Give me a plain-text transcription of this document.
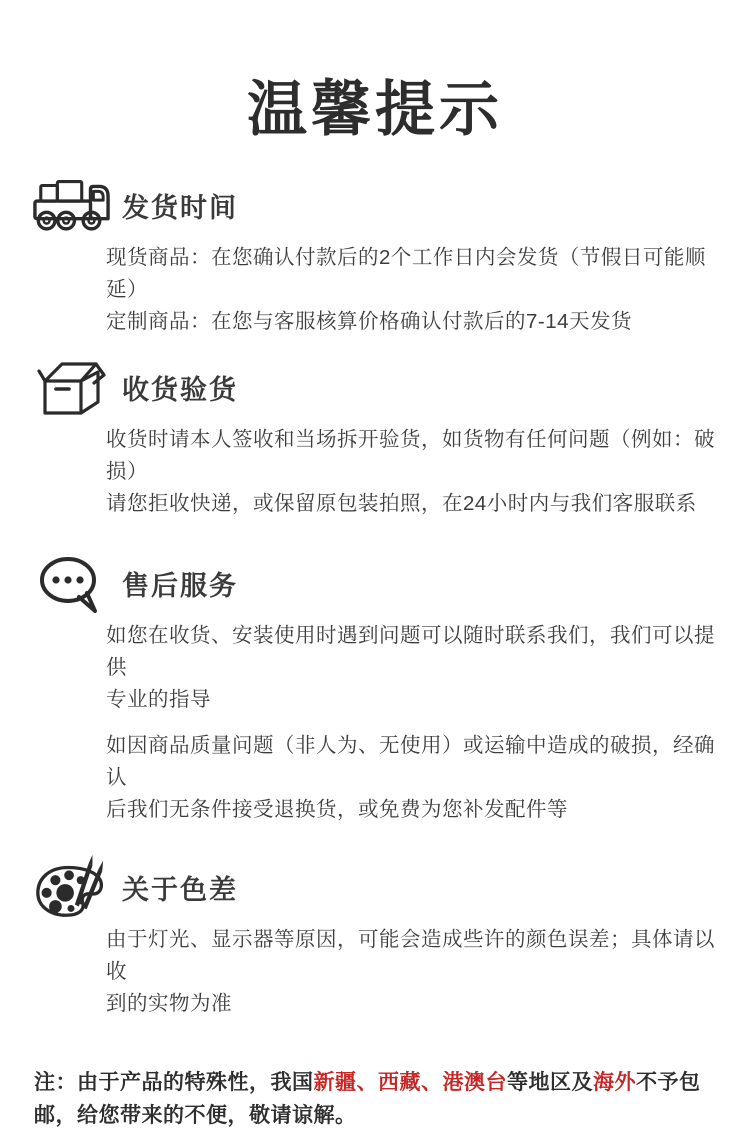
温馨提示
发货时间
现货商品：在您确认付款后的2个工作日内会发货（节假日可能顺延）
定制商品：在您与客服核算价格确认付款后的7-14天发货
收货验货
收货时请本人签收和当场拆开验货，如货物有任何问题（例如：破损）
请您拒收快递，或保留原包装拍照，在24小时内与我们客服联系
售后服务
如您在收货、安装使用时遇到问题可以随时联系我们，我们可以提供
专业的指导
如因商品质量问题（非人为、无使用）或运输中造成的破损，经确认
后我们无条件接受退换货，或免费为您补发配件等
关于色差
由于灯光、显示器等原因，可能会造成些许的颜色误差；具体请以收
到的实物为准
注：由于产品的特殊性，我国新疆、西藏、港澳台等地区及海外不予包邮，给您带来的不便，敬请谅解。
